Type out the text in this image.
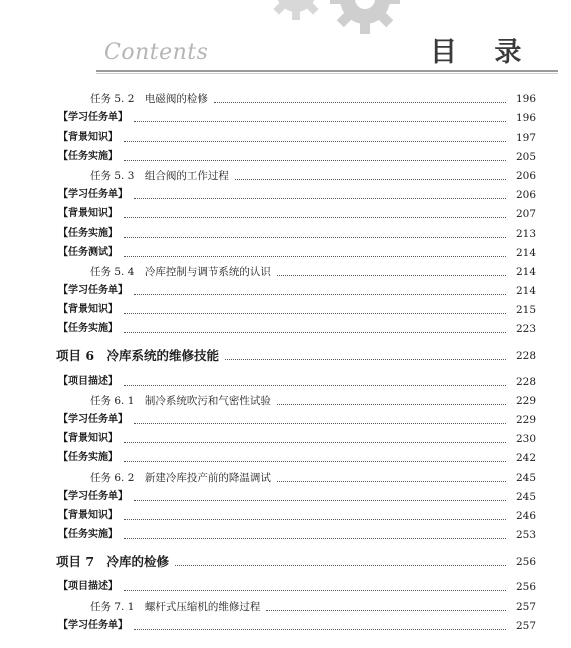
Contents	目 录
任务 5. 2　电磁阀的检修	196
【学习任务单】	196
【背景知识】	197
【任务实施】	205
任务 5. 3　组合阀的工作过程	206
【学习任务单】	206
【背景知识】	207
【任务实施】	213
【任务测试】	214
任务 5. 4　冷库控制与调节系统的认识	214
【学习任务单】	214
【背景知识】	215
【任务实施】	223
项目 6　冷库系统的维修技能	228
【项目描述】	228
任务 6. 1　制冷系统吹污和气密性试验	229
【学习任务单】	229
【背景知识】	230
【任务实施】	242
任务 6. 2　新建冷库投产前的降温调试	245
【学习任务单】	245
【背景知识】	246
【任务实施】	253
项目 7　冷库的检修	256
【项目描述】	256
任务 7. 1　螺杆式压缩机的维修过程	257
【学习任务单】	257
